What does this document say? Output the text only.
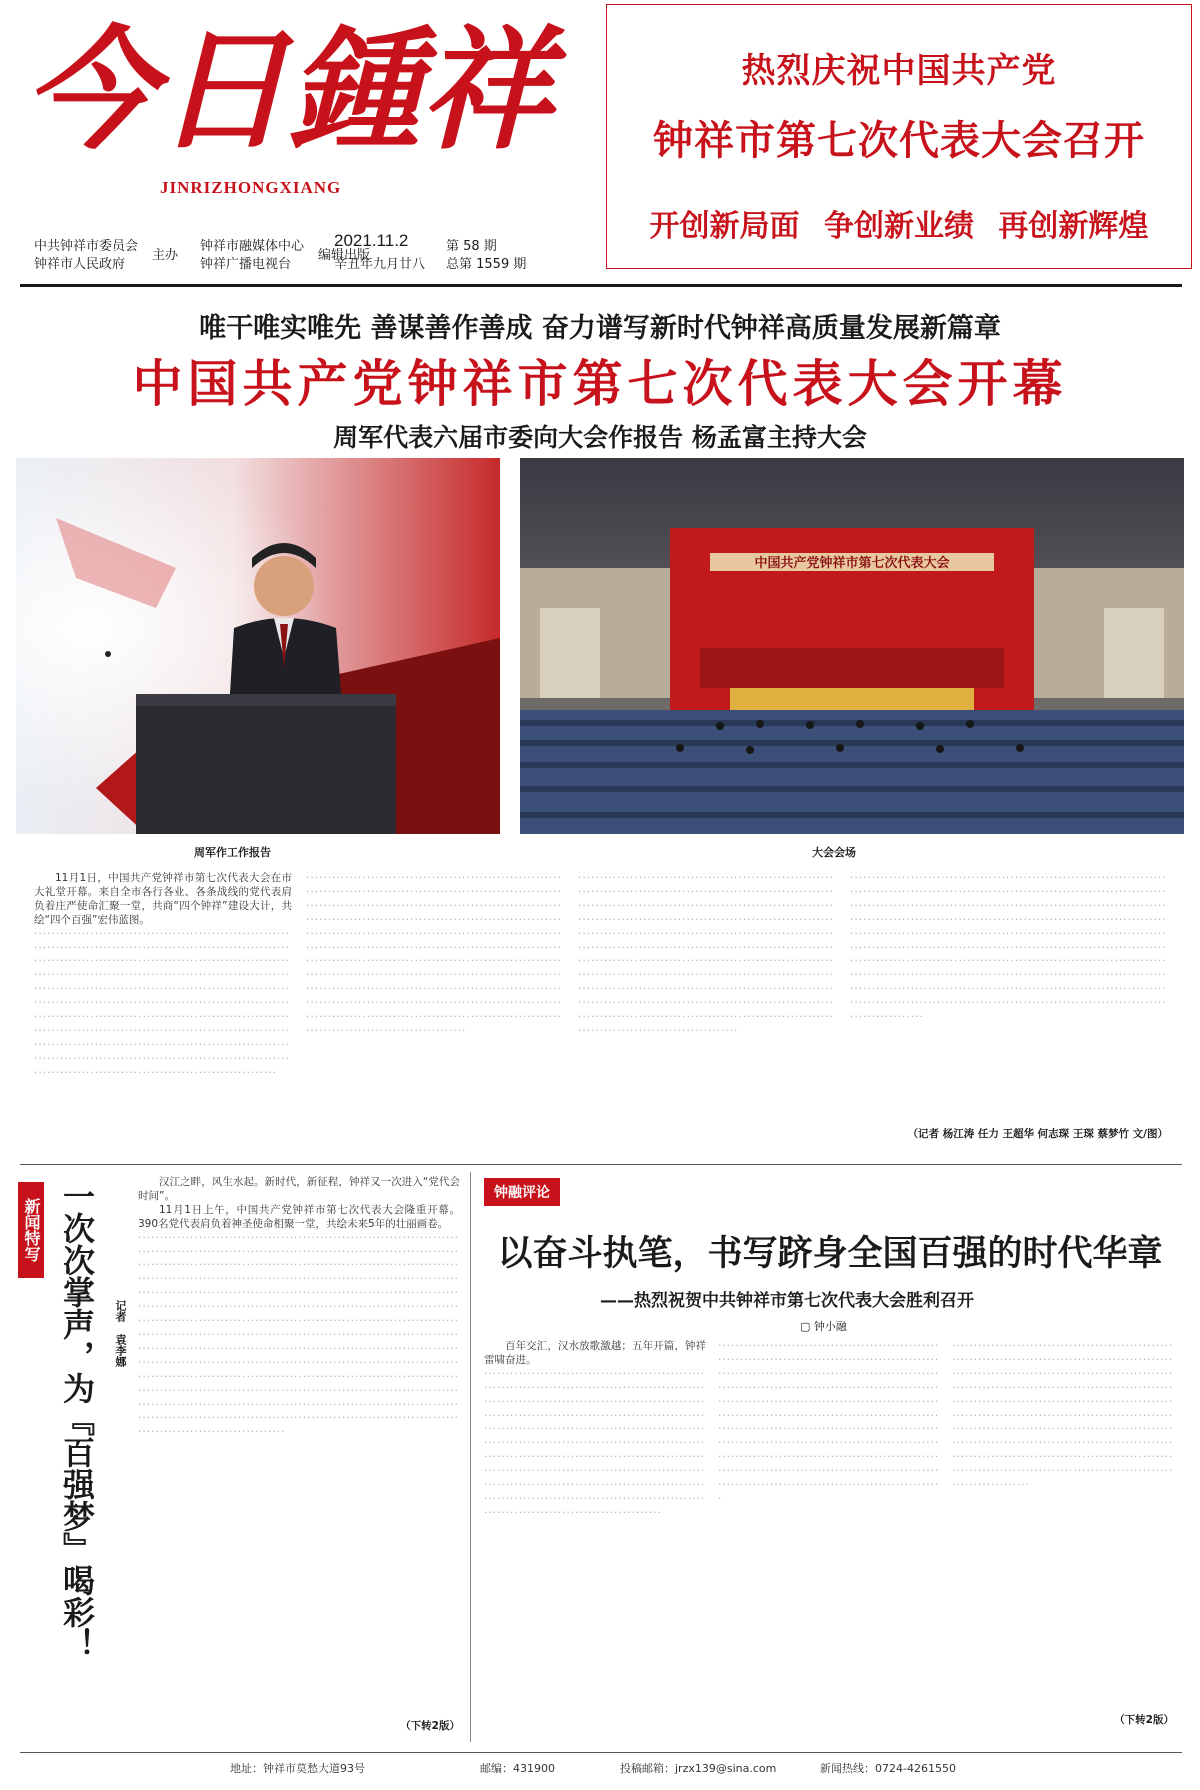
今日鍾祥
JINRIZHONGXIANG
热烈庆祝中国共产党
钟祥市第七次代表大会召开
开创新局面 争创新业绩 再创新辉煌
中共钟祥市委员会
钟祥市人民政府
主办
钟祥市融媒体中心
钟祥广播电视台
编辑出版
2021.11.2
辛丑年九月廿八
第 58 期
总第 1559 期
唯干唯实唯先 善谋善作善成 奋力谱写新时代钟祥高质量发展新篇章
中国共产党钟祥市第七次代表大会开幕
周军代表六届市委向大会作报告 杨孟富主持大会
中国共产党钟祥市第七次代表大会
周军作工作报告	大会会场

11月1日，中国共产党钟祥市第七次代表大会在市大礼堂开幕。来自全市各行各业、各条战线的党代表肩负着庄严使命汇聚一堂，共商“四个钟祥”建设大计，共绘“四个百强”宏伟蓝图。

······································································································································································································································································································································································································································································································································································································································································
··············································································································································································································································································································································································································································································································································································································································································································
··············································································································································································································································································································································································································································································································································································································································································································
···········································································································································································································································································································································································································································································································································································································································································································································································
（记者 杨江涛 任力 王超华 何志琛 王琛 蔡梦竹 文/图）
新闻特写 一次次掌声，为『百强梦』喝彩！	记者
袁李娜

汉江之畔，风生水起。新时代，新征程，钟祥又一次进入“党代会时间”。

11月1日上午，中国共产党钟祥市第七次代表大会隆重开幕。390名党代表肩负着神圣使命相聚一堂，共绘未来5年的壮丽画卷。

··············································································································································································································································································································································································································································································································································································································································································································································································································································································································································································································································································································
（下转2版）
钟融评论
以奋斗执笔，书写跻身全国百强的时代华章
——热烈祝贺中共钟祥市第七次代表大会胜利召开
▢ 钟小融

百年交汇，汉水放歌激越；五年开篇，钟祥雷啸奋进。

·······································································································································································································································································································································································································································································································································································
··················································································································································································································································································································································································································································································································································································
················································································································································································································································································································································································································································································································································
（下转2版）
地址：钟祥市莫愁大道93号	邮编：431900	投稿邮箱：jrzx139@sina.com	新闻热线：0724-4261550
